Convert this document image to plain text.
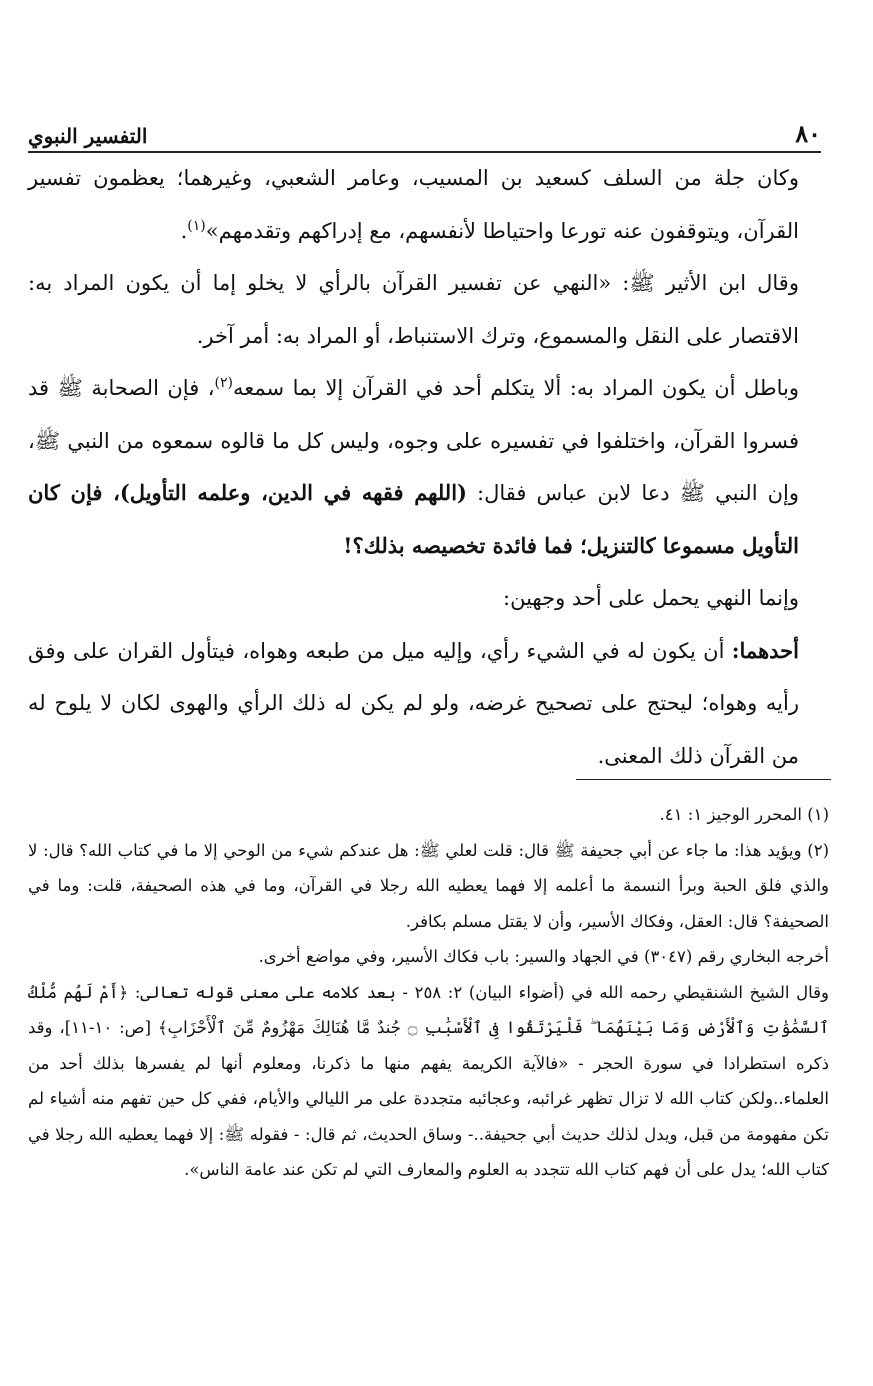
التفسير النبوي	٨٠

وكان جلة من السلف كسعيد بن المسيب، وعامر الشعبي، وغيرهما؛ يعظمون تفسير القرآن، ويتوقفون عنه تورعا واحتياطا لأنفسهم، مع إدراكهم وتقدمهم»$^{(١)}$.

وقال ابن الأثير ﷺ: «النهي عن تفسير القرآن بالرأي لا يخلو إما أن يكون المراد به: الاقتصار على النقل والمسموع، وترك الاستنباط، أو المراد به: أمر آخر.

وباطل أن يكون المراد به: ألا يتكلم أحد في القرآن إلا بما سمعه$^{(٢)}$، فإن الصحابة ﷺ قد فسروا القرآن، واختلفوا في تفسيره على وجوه، وليس كل ما قالوه سمعوه من النبي ﷺ، وإن النبي ﷺ دعا لابن عباس فقال: (اللهم فقهه في الدين، وعلمه التأويل)، فإن كان التأويل مسموعا كالتنزيل؛ فما فائدة تخصيصه بذلك؟!

وإنما النهي يحمل على أحد وجهين:

أحدهما: أن يكون له في الشيء رأي، وإليه ميل من طبعه وهواه، فيتأول القران على وفق رأيه وهواه؛ ليحتج على تصحيح غرضه، ولو لم يكن له ذلك الرأي والهوى لكان لا يلوح له من القرآن ذلك المعنى.

(١) المحرر الوجيز ١: ٤١.

(٢) ويؤيد هذا: ما جاء عن أبي جحيفة ﷺ قال: قلت لعلي ﷺ: هل عندكم شيء من الوحي إلا ما في كتاب الله؟ قال: لا والذي فلق الحبة وبرأ النسمة ما أعلمه إلا فهما يعطيه الله رجلا في القرآن، وما في هذه الصحيفة، قلت: وما في الصحيفة؟ قال: العقل، وفكاك الأسير، وأن لا يقتل مسلم بكافر.

أخرجه البخاري رقم (٣٠٤٧) في الجهاد والسير: باب فكاك الأسير، وفي مواضع أخرى.

وقال الشيخ الشنقيطي رحمه الله في (أضواء البيان) ٢: ٢٥٨ - بعد كلامه على معنى قوله تعالى: ﴿أَمْ لَهُم مُّلْكُ ٱلسَّمَٰوَٰتِ وَٱلْأَرْضِ وَمَا بَيْنَهُمَا ۖ فَلْيَرْتَقُوا فِى ٱلْأَسْبَٰبِ ۝ جُندٌ مَّا هُنَالِكَ مَهْزُومٌ مِّنَ ٱلْأَحْزَابِ﴾ [ص: ١٠-١١]، وقد ذكره استطرادا في سورة الحجر - «فالآية الكريمة يفهم منها ما ذكرنا، ومعلوم أنها لم يفسرها بذلك أحد من العلماء..ولكن كتاب الله لا تزال تظهر غرائبه، وعجائبه متجددة على مر الليالي والأيام، ففي كل حين تفهم منه أشياء لم تكن مفهومة من قبل، ويدل لذلك حديث أبي جحيفة..- وساق الحديث، ثم قال: - فقوله ﷺ: إلا فهما يعطيه الله رجلا في كتاب الله؛ يدل على أن فهم كتاب الله تتجدد به العلوم والمعارف التي لم تكن عند عامة الناس».
